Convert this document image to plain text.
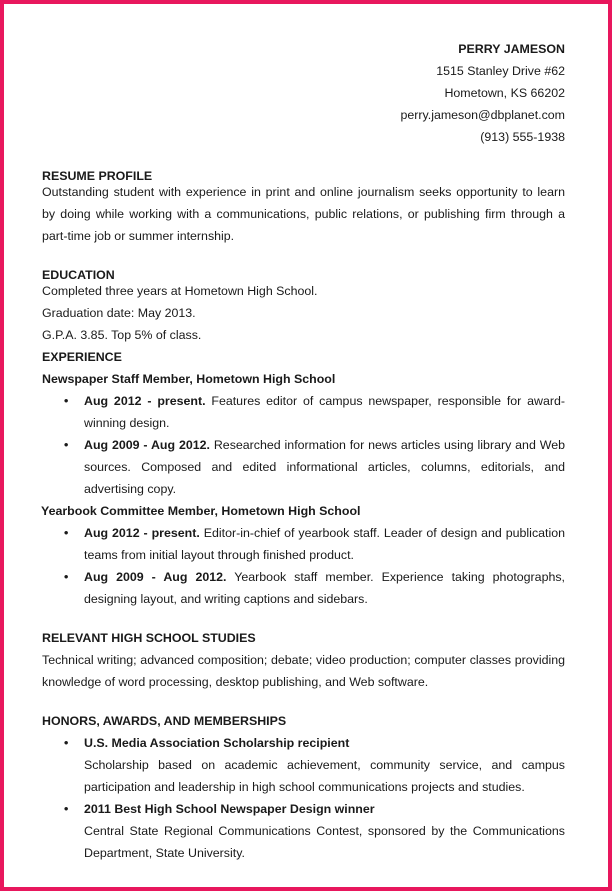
PERRY JAMESON
1515 Stanley Drive #62
Hometown, KS 66202
perry.jameson@dbplanet.com
(913) 555-1938
RESUME PROFILE
Outstanding student with experience in print and online journalism seeks opportunity to learn by doing while working with a communications, public relations, or publishing firm through a part-time job or summer internship.
EDUCATION
Completed three years at Hometown High School.
Graduation date: May 2013.
G.P.A. 3.85. Top 5% of class.
EXPERIENCE
Newspaper Staff Member, Hometown High School
• Aug 2012 - present. Features editor of campus newspaper, responsible for award-winning design.
• Aug 2009 - Aug 2012. Researched information for news articles using library and Web sources. Composed and edited informational articles, columns, editorials, and advertising copy.
Yearbook Committee Member, Hometown High School
• Aug 2012 - present. Editor-in-chief of yearbook staff. Leader of design and publication teams from initial layout through finished product.
• Aug 2009 - Aug 2012. Yearbook staff member. Experience taking photographs, designing layout, and writing captions and sidebars.
RELEVANT HIGH SCHOOL STUDIES
Technical writing; advanced composition; debate; video production; computer classes providing knowledge of word processing, desktop publishing, and Web software.
HONORS, AWARDS, AND MEMBERSHIPS
• U.S. Media Association Scholarship recipient
Scholarship based on academic achievement, community service, and campus participation and leadership in high school communications projects and studies.
• 2011 Best High School Newspaper Design winner
Central State Regional Communications Contest, sponsored by the Communications Department, State University.
